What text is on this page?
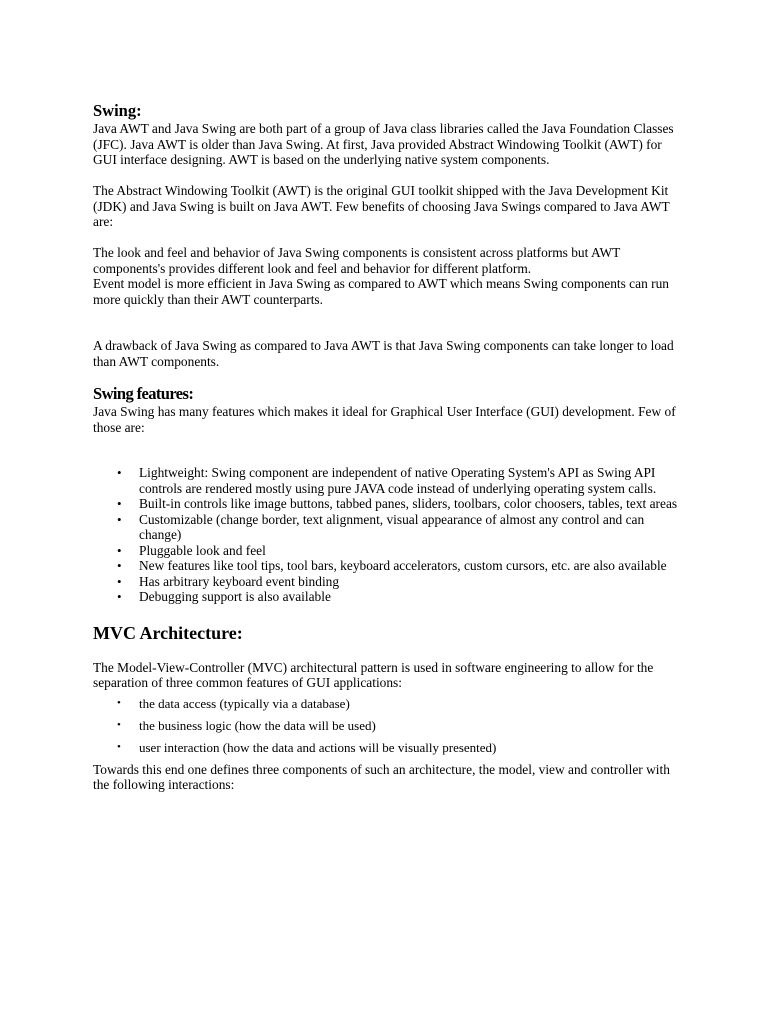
Swing:

Java AWT and Java Swing are both part of a group of Java class libraries called the Java Foundation Classes (JFC). Java AWT is older than Java Swing. At first, Java provided Abstract Windowing Toolkit (AWT) for GUI interface designing. AWT is based on the underlying native system components.

The Abstract Windowing Toolkit (AWT) is the original GUI toolkit shipped with the Java Development Kit (JDK) and Java Swing is built on Java AWT. Few benefits of choosing Java Swings compared to Java AWT are:

The look and feel and behavior of Java Swing components is consistent across platforms but AWT components's provides different look and feel and behavior for different platform.

Event model is more efficient in Java Swing as compared to AWT which means Swing components can run more quickly than their AWT counterparts.

A drawback of Java Swing as compared to Java AWT is that Java Swing components can take longer to load than AWT components.

Swing features:

Java Swing has many features which makes it ideal for Graphical User Interface (GUI) development. Few of those are:

• Lightweight: Swing component are independent of native Operating System's API as Swing API controls are rendered mostly using pure JAVA code instead of underlying operating system calls.
• Built-in controls like image buttons, tabbed panes, sliders, toolbars, color choosers, tables, text areas
• Customizable (change border, text alignment, visual appearance of almost any control and can change)
• Pluggable look and feel
• New features like tool tips, tool bars, keyboard accelerators, custom cursors, etc. are also available
• Has arbitrary keyboard event binding
• Debugging support is also available
MVC Architecture:

The Model-View-Controller (MVC) architectural pattern is used in software engineering to allow for the separation of three common features of GUI applications:

• the data access (typically via a database)
• the business logic (how the data will be used)
• user interaction (how the data and actions will be visually presented)

Towards this end one defines three components of such an architecture, the model, view and controller with the following interactions:
